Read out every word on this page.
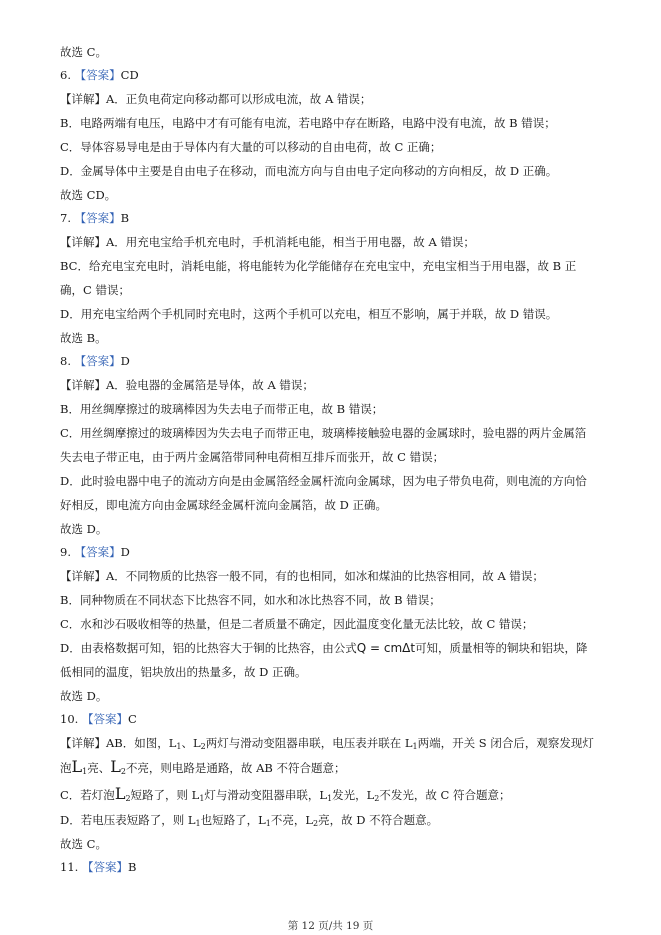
故选 C。
6. 【答案】CD
【详解】A．正负电荷定向移动都可以形成电流，故 A 错误；
B．电路两端有电压，电路中才有可能有电流，若电路中存在断路，电路中没有电流，故 B 错误；
C．导体容易导电是由于导体内有大量的可以移动的自由电荷，故 C 正确；
D．金属导体中主要是自由电子在移动，而电流方向与自由电子定向移动的方向相反，故 D 正确。
故选 CD。
7. 【答案】B
【详解】A．用充电宝给手机充电时，手机消耗电能，相当于用电器，故 A 错误；
BC．给充电宝充电时，消耗电能，将电能转为化学能储存在充电宝中，充电宝相当于用电器，故 B 正
确，C 错误；
D．用充电宝给两个手机同时充电时，这两个手机可以充电，相互不影响，属于并联，故 D 错误。
故选 B。
8. 【答案】D
【详解】A．验电器的金属箔是导体，故 A 错误；
B．用丝绸摩擦过的玻璃棒因为失去电子而带正电，故 B 错误；
C．用丝绸摩擦过的玻璃棒因为失去电子而带正电，玻璃棒接触验电器的金属球时，验电器的两片金属箔
失去电子带正电，由于两片金属箔带同种电荷相互排斥而张开，故 C 错误；
D．此时验电器中电子的流动方向是由金属箔经金属杆流向金属球，因为电子带负电荷，则电流的方向恰
好相反，即电流方向由金属球经金属杆流向金属箔，故 D 正确。
故选 D。
9. 【答案】D
【详解】A．不同物质的比热容一般不同，有的也相同，如冰和煤油的比热容相同，故 A 错误；
B．同种物质在不同状态下比热容不同，如水和冰比热容不同，故 B 错误；
C．水和沙石吸收相等的热量，但是二者质量不确定，因此温度变化量无法比较，故 C 错误；
D．由表格数据可知，铝的比热容大于铜的比热容，由公式Q = cmΔt可知，质量相等的铜块和铝块，降
低相同的温度，铝块放出的热量多，故 D 正确。
故选 D。
10. 【答案】C
【详解】AB．如图，$L_1$、$L_2$两灯与滑动变阻器串联，电压表并联在 $L_1$两端，开关 S 闭合后，观察发现灯
泡$L_1$亮、$L_2$不亮，则电路是通路，故 AB 不符合题意；
C．若灯泡$L_2$短路了，则 $L_1$灯与滑动变阻器串联，$L_1$发光，$L_2$不发光，故 C 符合题意；
D．若电压表短路了，则 $L_1$也短路了，$L_1$不亮，$L_2$亮，故 D 不符合题意。
故选 C。
11. 【答案】B
第 12 页/共 19 页
